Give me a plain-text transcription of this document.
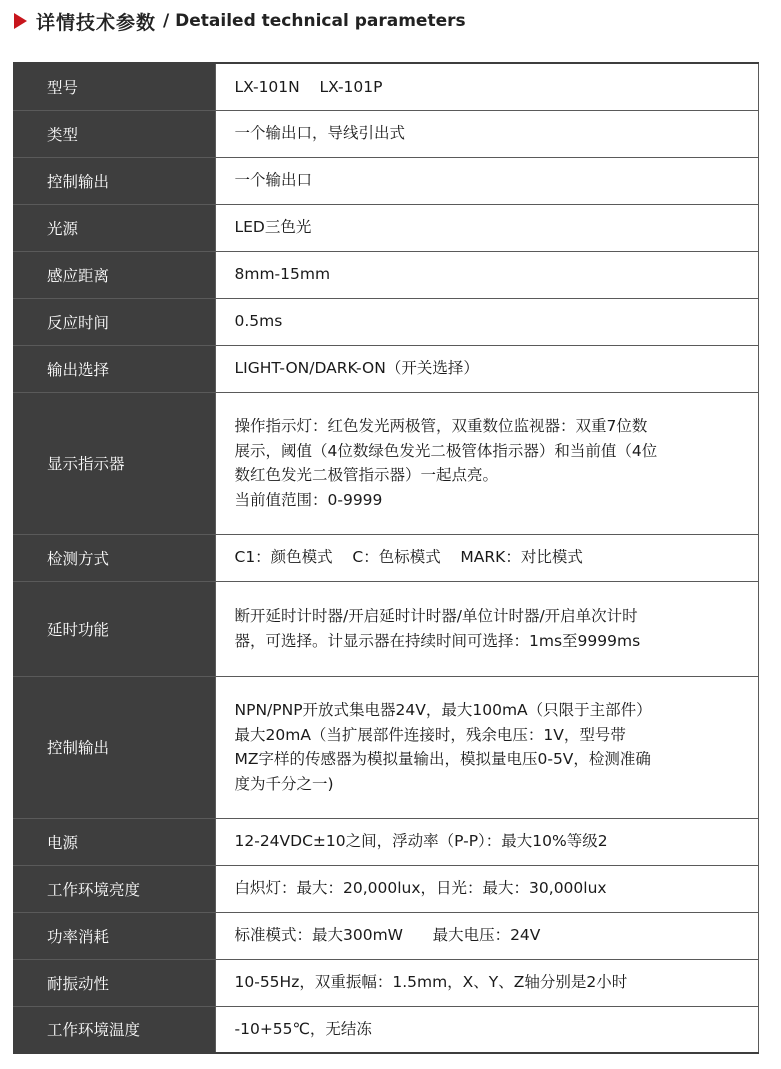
详情技术参数 / Detailed technical parameters
型号	LX-101N    LX-101P

类型	一个输出口，导线引出式

控制输出	一个输出口

光源	LED三色光

感应距离	8mm-15mm

反应时间	0.5ms

输出选择	LIGHT-ON/DARK-ON（开关选择）

显示指示器	操作指示灯：红色发光两极管，双重数位监视器：双重7位数
展示，阈值（4位数绿色发光二极管体指示器）和当前值（4位
数红色发光二极管指示器）一起点亮。
当前值范围：0-9999

检测方式	C1：颜色模式    C：色标模式    MARK：对比模式

延时功能	断开延时计时器/开启延时计时器/单位计时器/开启单次计时
器，可选择。计显示器在持续时间可选择：1ms至9999ms

控制输出	NPN/PNP开放式集电器24V，最大100mA（只限于主部件）
最大20mA（当扩展部件连接时，残余电压：1V，型号带
MZ字样的传感器为模拟量输出，模拟量电压0-5V，检测准确
度为千分之一)

电源	12-24VDC±10之间，浮动率（P-P）：最大10%等级2

工作环境亮度	白炽灯：最大：20,000lux，日光：最大：30,000lux

功率消耗	标准模式：最大300mW      最大电压：24V

耐振动性	10-55Hz，双重振幅：1.5mm，X、Y、Z轴分别是2小时

工作环境温度	-10+55℃，无结冻
